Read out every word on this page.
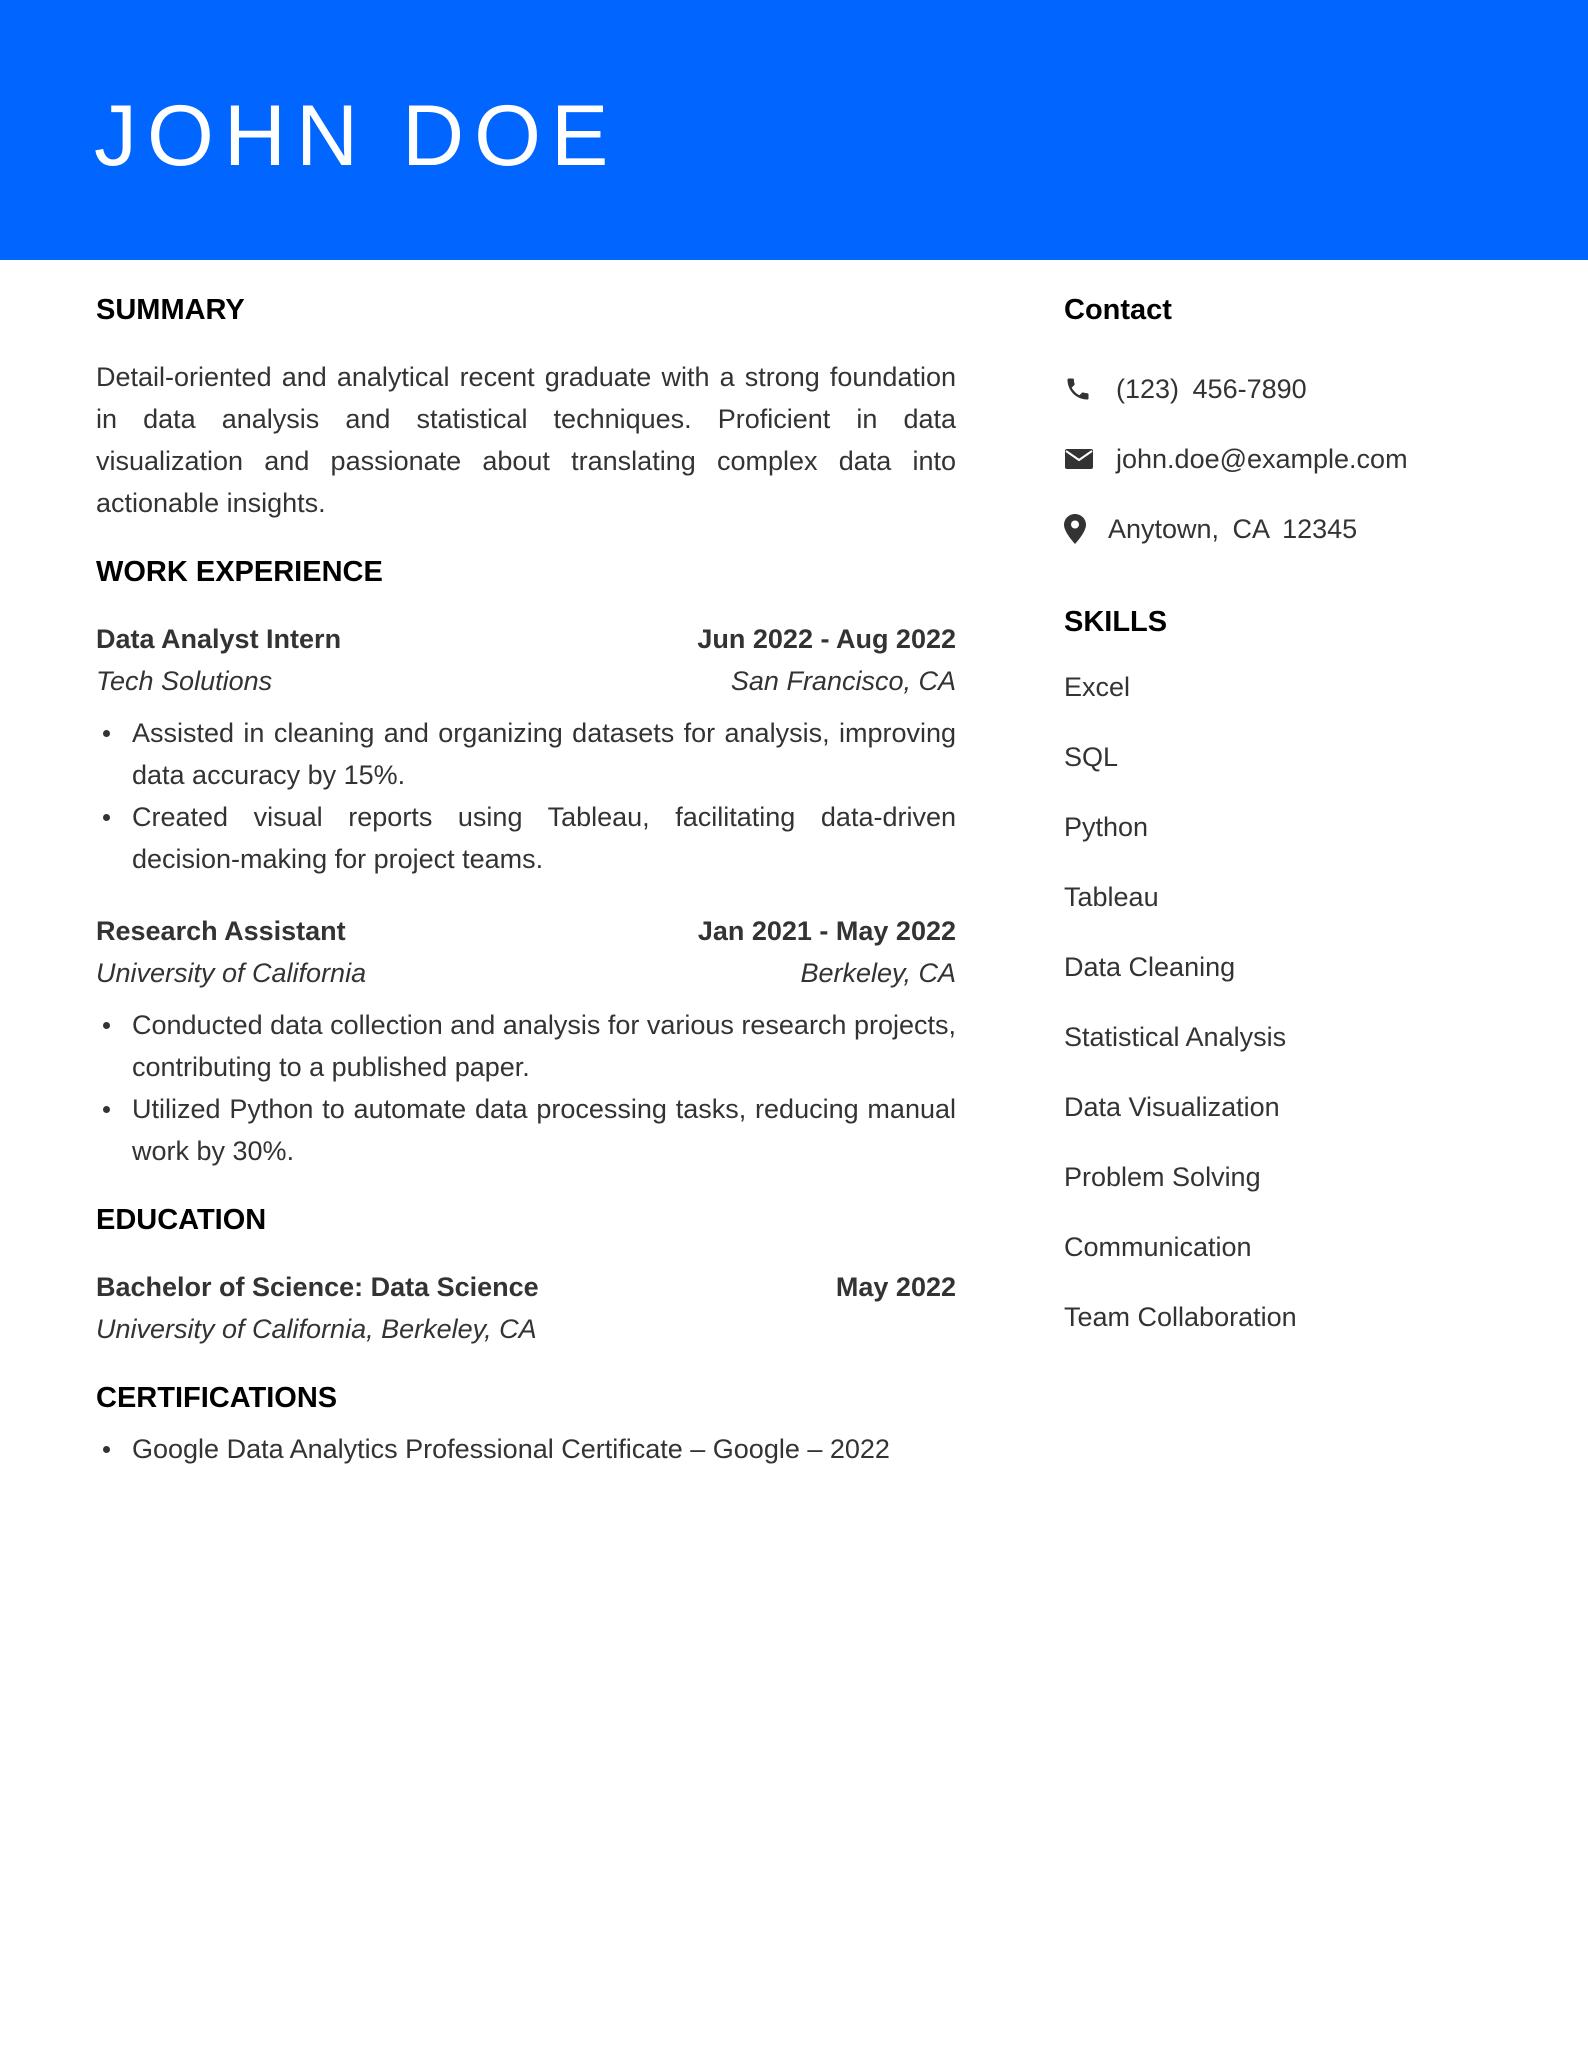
JOHN DOE
SUMMARY

Detail-oriented and analytical recent graduate with a strong foundation in data analysis and statistical techniques. Proficient in data visualization and passionate about translating complex data into actionable insights.

WORK EXPERIENCE
Data Analyst Intern	Jun 2022 - Aug 2022
Tech Solutions	San Francisco, CA
Assisted in cleaning and organizing datasets for analysis, improving data accuracy by 15%.
Created visual reports using Tableau, facilitating data-driven decision-making for project teams.
Research Assistant	Jan 2021 - May 2022
University of California	Berkeley, CA
Conducted data collection and analysis for various research projects, contributing to a published paper.
Utilized Python to automate data processing tasks, reducing manual work by 30%.
EDUCATION
Bachelor of Science: Data Science	May 2022
University of California, Berkeley, CA
CERTIFICATIONS
Google Data Analytics Professional Certificate – Google – 2022
Contact
(123) 456-7890
john.doe@example.com
Anytown, CA 12345
SKILLS
Excel
SQL
Python
Tableau
Data Cleaning
Statistical Analysis
Data Visualization
Problem Solving
Communication
Team Collaboration
